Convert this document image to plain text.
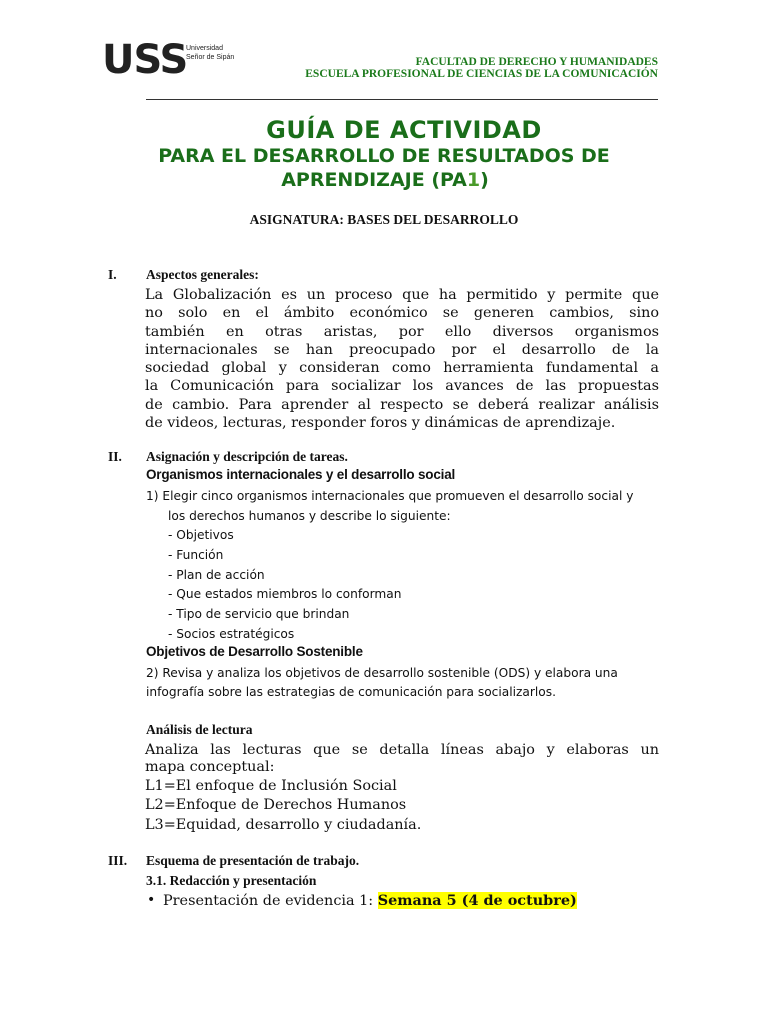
USS
Universidad
Señor de Sipán	FACULTAD DE DERECHO Y HUMANIDADES
ESCUELA PROFESIONAL DE CIENCIAS DE LA COMUNICACIÓN
GUÍA DE ACTIVIDAD
PARA EL DESARROLLO DE RESULTADOS DE
APRENDIZAJE (PA1)
ASIGNATURA: BASES DEL DESARROLLO
I. Aspectos generales:
La Globalización es un proceso que ha permitido y permite que
no solo en el ámbito económico se generen cambios, sino
también en otras aristas, por ello diversos organismos
internacionales se han preocupado por el desarrollo de la
sociedad global y consideran como herramienta fundamental a
la Comunicación para socializar los avances de las propuestas
de cambio. Para aprender al respecto se deberá realizar análisis
de videos, lecturas, responder foros y dinámicas de aprendizaje.
II. Asignación y descripción de tareas.
Organismos internacionales y el desarrollo social
1) Elegir cinco organismos internacionales que promueven el desarrollo social y
los derechos humanos y describe lo siguiente:
- Objetivos
- Función
- Plan de acción
- Que estados miembros lo conforman
- Tipo de servicio que brindan
- Socios estratégicos
Objetivos de Desarrollo Sostenible
2) Revisa y analiza los objetivos de desarrollo sostenible (ODS) y elabora una
infografía sobre las estrategias de comunicación para socializarlos.
Análisis de lectura
Analiza las lecturas que se detalla líneas abajo y elaboras un
mapa conceptual:
L1=El enfoque de Inclusión Social
L2=Enfoque de Derechos Humanos
L3=Equidad, desarrollo y ciudadanía.
III. Esquema de presentación de trabajo.
3.1. Redacción y presentación
• Presentación de evidencia 1: Semana 5 (4 de octubre)
